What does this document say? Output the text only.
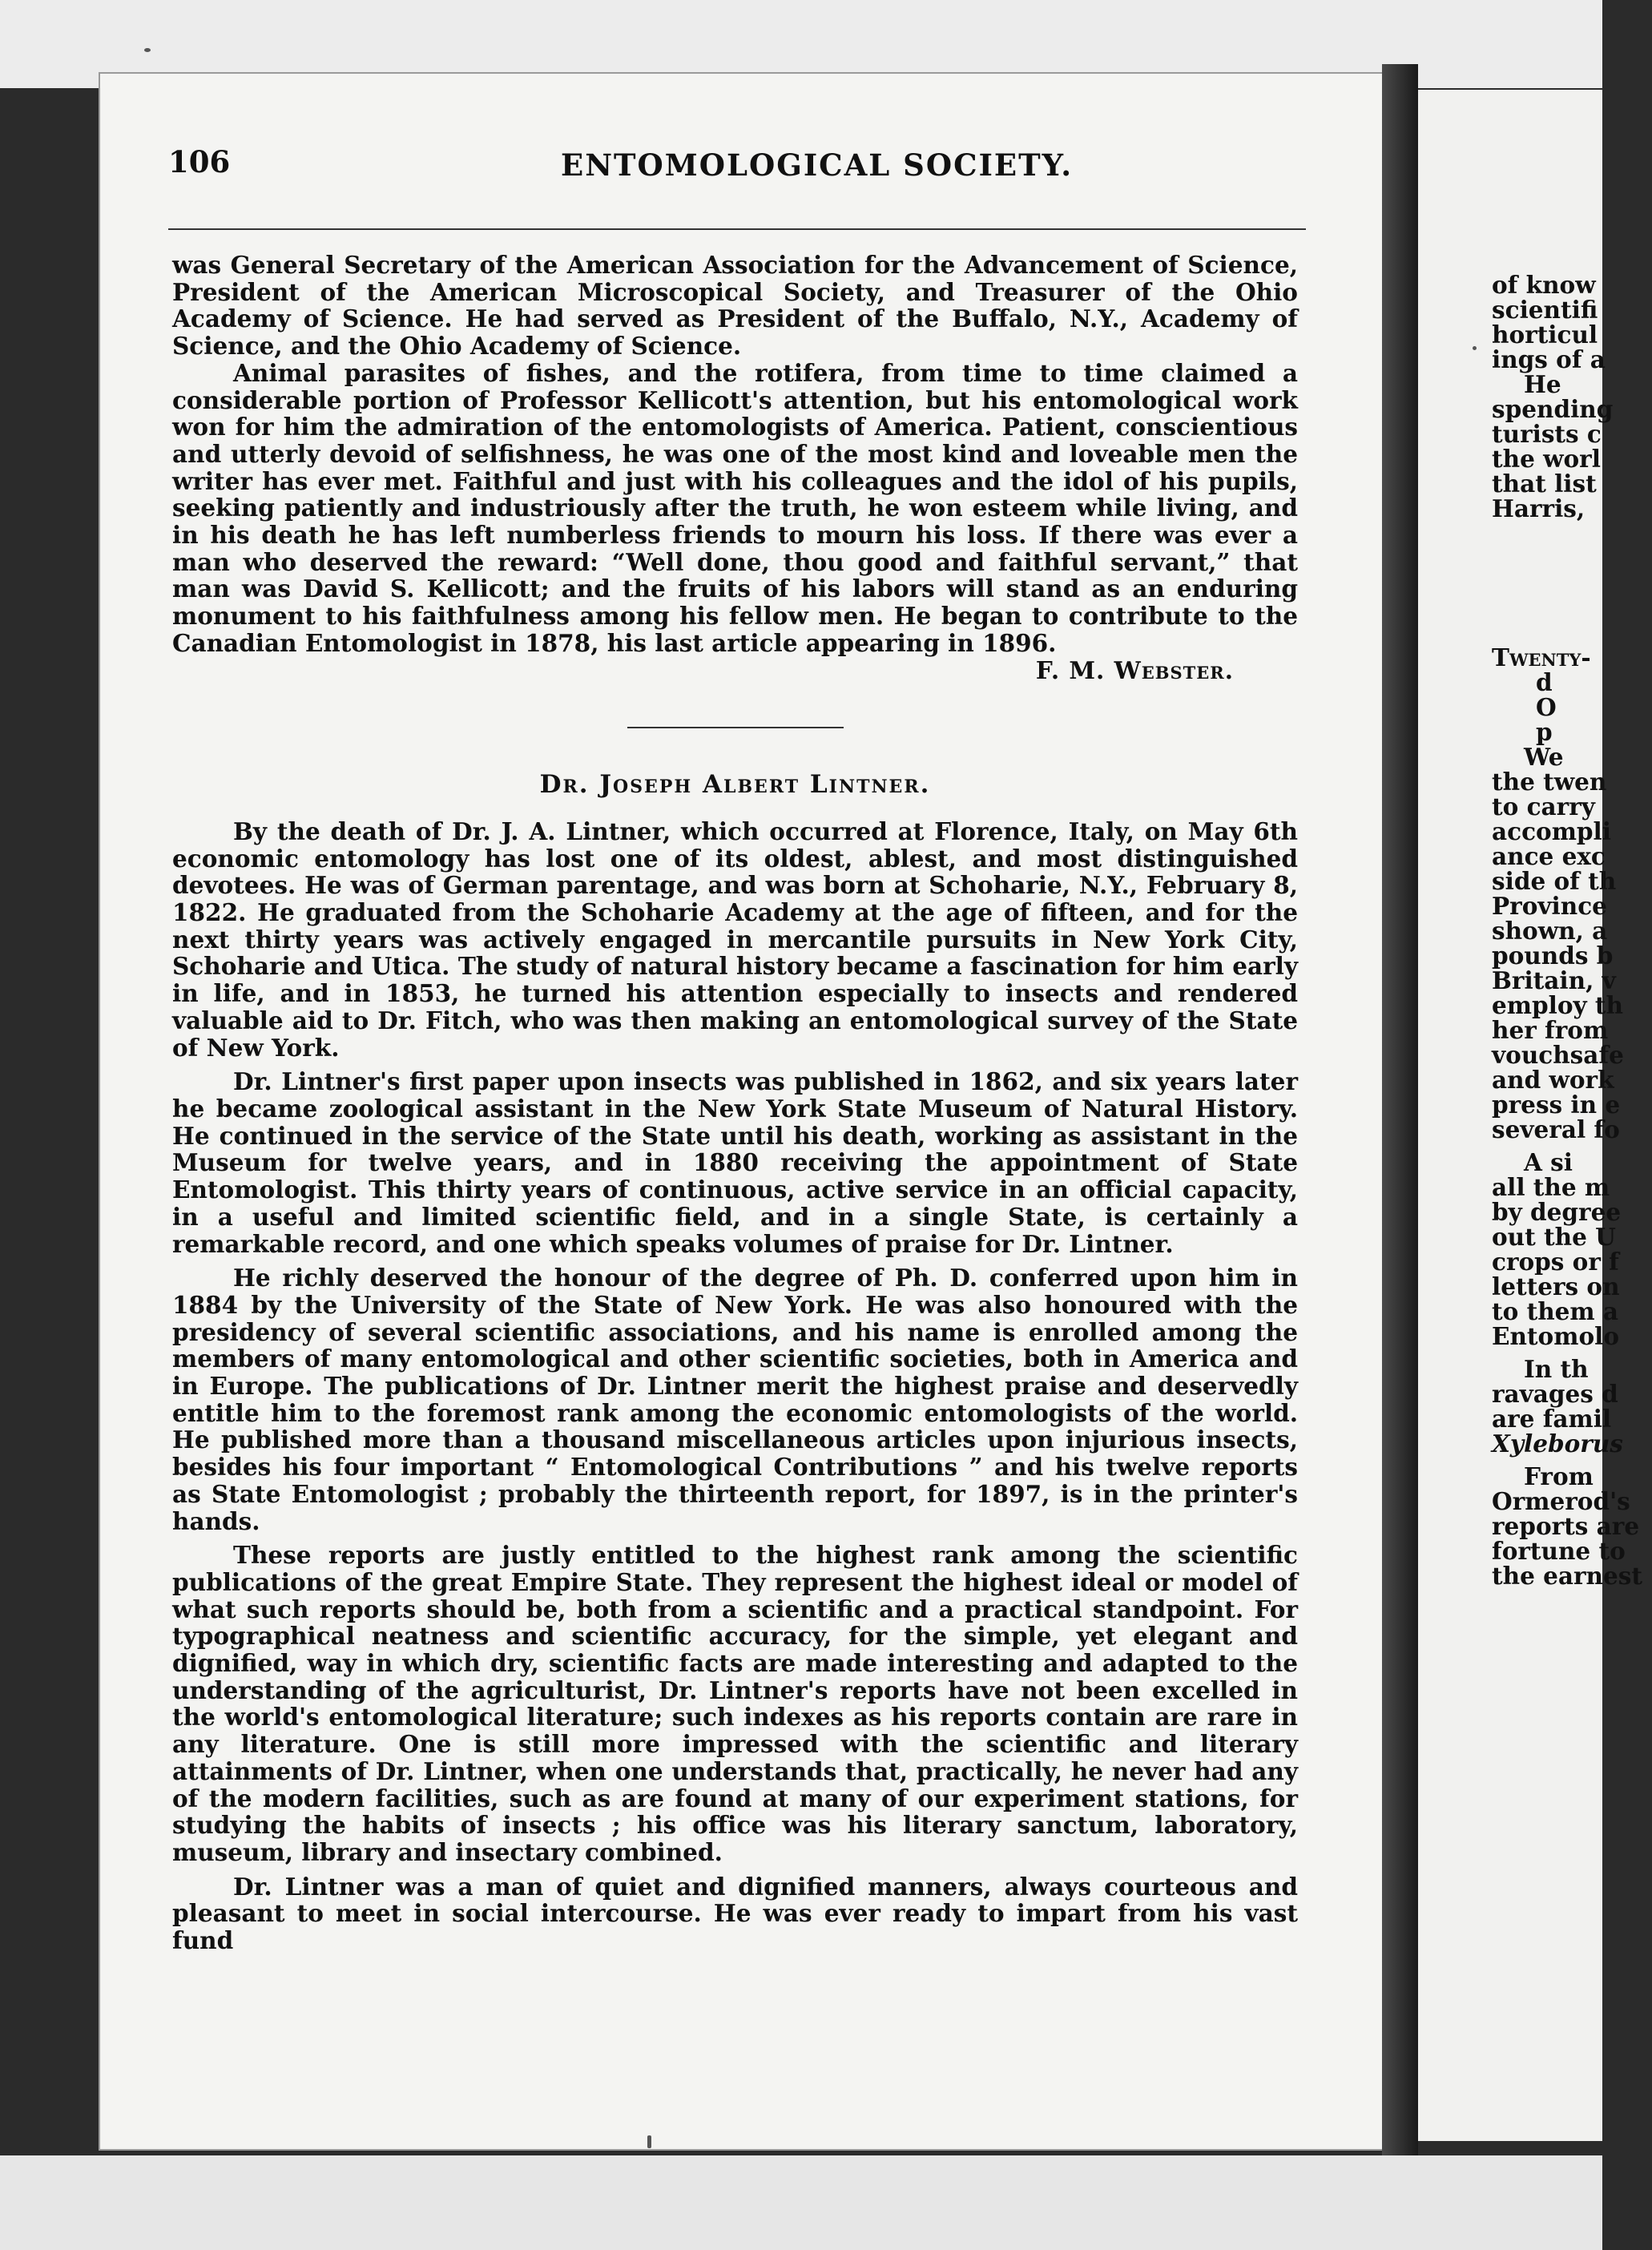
106	ENTOMOLOGICAL SOCIETY.

was General Secretary of the American Association for the Advancement of Science, President of the American Microscopical Society, and Treasurer of the Ohio Academy of Science. He had served as President of the Buffalo, N.Y., Academy of Science, and the Ohio Academy of Science.

Animal parasites of fishes, and the rotifera, from time to time claimed a considerable portion of Professor Kellicott's attention, but his entomological work won for him the admiration of the entomologists of America. Patient, conscientious and utterly devoid of selfishness, he was one of the most kind and loveable men the writer has ever met. Faithful and just with his colleagues and the idol of his pupils, seeking patiently and industriously after the truth, he won esteem while living, and in his death he has left numberless friends to mourn his loss. If there was ever a man who deserved the reward: “Well done, thou good and faithful servant,” that man was David S. Kellicott; and the fruits of his labors will stand as an enduring monument to his faithfulness among his fellow men. He began to contribute to the Canadian Entomologist in 1878, his last article appearing in 1896.

F. M. Webster.

Dr. Joseph Albert Lintner.

By the death of Dr. J. A. Lintner, which occurred at Florence, Italy, on May 6th economic entomology has lost one of its oldest, ablest, and most distinguished devotees. He was of German parentage, and was born at Schoharie, N.Y., February 8, 1822. He graduated from the Schoharie Academy at the age of fifteen, and for the next thirty years was actively engaged in mercantile pursuits in New York City, Schoharie and Utica. The study of natural history became a fascination for him early in life, and in 1853, he turned his attention especially to insects and rendered valuable aid to Dr. Fitch, who was then making an entomological survey of the State of New York.

Dr. Lintner's first paper upon insects was published in 1862, and six years later he became zoological assistant in the New York State Museum of Natural History. He continued in the service of the State until his death, working as assistant in the Museum for twelve years, and in 1880 receiving the appointment of State Entomologist. This thirty years of continuous, active service in an official capacity, in a useful and limited scientific field, and in a single State, is certainly a remarkable record, and one which speaks volumes of praise for Dr. Lintner.

He richly deserved the honour of the degree of Ph. D. conferred upon him in 1884 by the University of the State of New York. He was also honoured with the presidency of several scientific associations, and his name is enrolled among the members of many entomological and other scientific societies, both in America and in Europe. The publications of Dr. Lintner merit the highest praise and deservedly entitle him to the foremost rank among the economic entomologists of the world. He published more than a thousand miscellaneous articles upon injurious insects, besides his four important “ Entomological Contributions ” and his twelve reports as State Entomologist ; probably the thirteenth report, for 1897, is in the printer's hands.

These reports are justly entitled to the highest rank among the scientific publications of the great Empire State. They represent the highest ideal or model of what such reports should be, both from a scientific and a practical standpoint. For typographical neatness and scientific accuracy, for the simple, yet elegant and dignified, way in which dry, scientific facts are made interesting and adapted to the understanding of the agriculturist, Dr. Lintner's reports have not been excelled in the world's entomological literature; such indexes as his reports contain are rare in any literature. One is still more impressed with the scientific and literary attainments of Dr. Lintner, when one understands that, practically, he never had any of the modern facilities, such as are found at many of our experiment stations, for studying the habits of insects ; his office was his literary sanctum, laboratory, museum, library and insectary combined.

Dr. Lintner was a man of quiet and dignified manners, always courteous and pleasant to meet in social intercourse. He was ever ready to impart from his vast fund

of know
scientifi
horticul
ings of a
He
spending
turists c
the worl
that list
Harris,
Twenty-
d
O
p
We
the twen
to carry
accompli
ance exc
side of th
Province
shown, a
pounds b
Britain, v
employ th
her from
vouchsafe
and work
press in e
several fo
A si
all the m
by degree
out the U
crops or f
letters on
to them a
Entomolo
In th
ravages d
are famil
Xyleborus
From
Ormerod's
reports are
fortune to
the earnest
